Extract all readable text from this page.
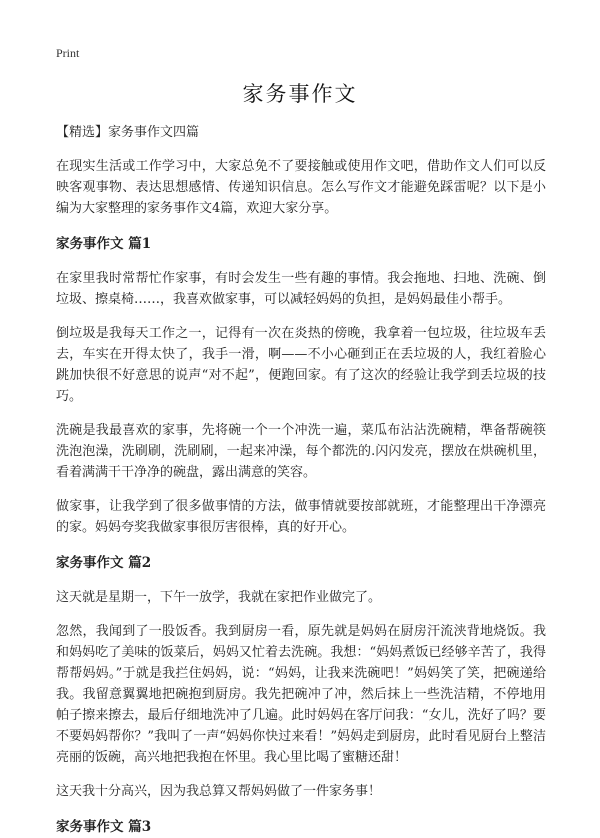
Print
家务事作文

【精选】家务事作文四篇

在现实生活或工作学习中，大家总免不了要接触或使用作文吧，借助作文人们可以反映客观事物、表达思想感情、传递知识信息。怎么写作文才能避免踩雷呢？以下是小编为大家整理的家务事作文4篇，欢迎大家分享。

家务事作文 篇1

在家里我时常帮忙作家事，有时会发生一些有趣的事情。我会拖地、扫地、洗碗、倒垃圾、擦桌椅……，我喜欢做家事，可以减轻妈妈的负担，是妈妈最佳小帮手。

倒垃圾是我每天工作之一，记得有一次在炎热的傍晚，我拿着一包垃圾，往垃圾车丢去，车实在开得太快了，我手一滑，啊——不小心砸到正在丢垃圾的人，我红着脸心跳加快很不好意思的说声“对不起”，便跑回家。有了这次的经验让我学到丢垃圾的技巧。

洗碗是我最喜欢的家事，先将碗一个一个冲洗一遍，菜瓜布沾沾洗碗精，準备帮碗筷洗泡泡澡，洗刷刷，洗刷刷，一起来冲澡，每个都洗的.闪闪发亮，摆放在烘碗机里，看着满满干干净净的碗盘，露出满意的笑容。

做家事，让我学到了很多做事情的方法，做事情就要按部就班，才能整理出干净漂亮的家。妈妈夸奖我做家事很厉害很棒，真的好开心。

家务事作文 篇2

这天就是星期一，下午一放学，我就在家把作业做完了。

忽然，我闻到了一股饭香。我到厨房一看，原先就是妈妈在厨房汗流浃背地烧饭。我和妈妈吃了美味的饭菜后，妈妈又忙着去洗碗。我想：“妈妈煮饭已经够辛苦了，我得帮帮妈妈。”于就是我拦住妈妈，说：“妈妈，让我来洗碗吧！”妈妈笑了笑，把碗递给我。我留意翼翼地把碗抱到厨房。我先把碗冲了冲，然后抹上一些洗洁精，不停地用帕子擦来擦去，最后仔细地洗冲了几遍。此时妈妈在客厅问我：“女儿，洗好了吗？要不要妈妈帮你？”我叫了一声“妈妈你快过来看！”妈妈走到厨房，此时看见厨台上整洁亮丽的饭碗，高兴地把我抱在怀里。我心里比喝了蜜糖还甜！

这天我十分高兴，因为我总算又帮妈妈做了一件家务事！

家务事作文 篇3
